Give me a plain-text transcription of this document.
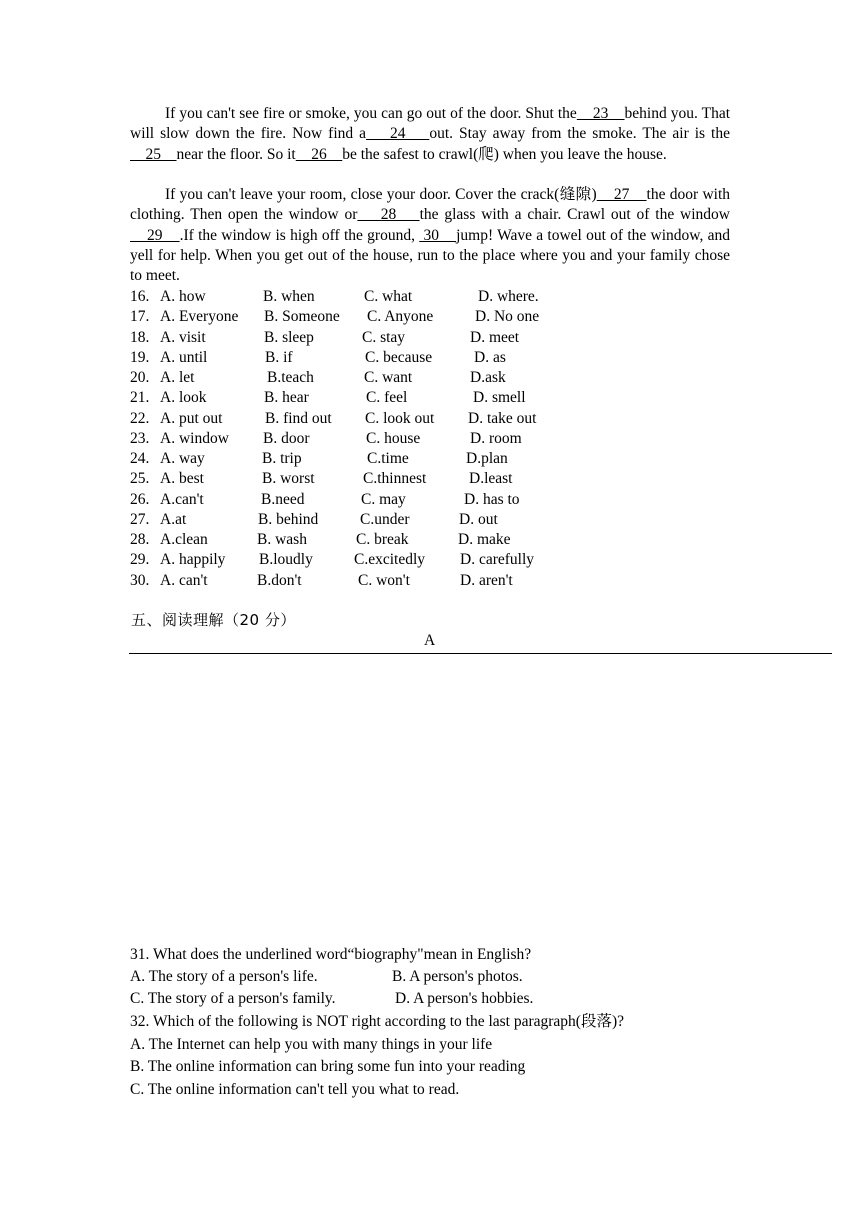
If you can't see fire or smoke, you can go out of the door. Shut the    23    behind you. That will slow down the fire. Now find a    24    out. Stay away from the smoke. The air is the    25    near the floor. So it    26    be the safest to crawl(爬) when you leave the house.

If you can't leave your room, close your door. Cover the crack(缝隙)    27    the door with clothing. Then open the window or    28    the glass with a chair. Crawl out of the window    29    .If the window is high off the ground,  30    jump! Wave a towel out of the window, and yell for help. When you get out of the house, run to the place where you and your family chose to meet.

16. A. how	B. when	C. what	D. where.
17. A. Everyone B. Someone C. Anyone	D. No one
18. A. visit	B. sleep	C. stay	D. meet
19. A. until	B. if	C. because	D. as
20. A. let	B.teach	C. want	D.ask
21. A. look	B. hear	C. feel	D. smell
22. A. put out	B. find out C. look out D. take out
23. A. window B. door	C. house	D. room
24. A. way	B. trip	C.time	D.plan
25. A. best	B. worst	C.thinnest	D.least
26. A.can't	B.need	C. may	D. has to
27. A.at	B. behind	C.under	D. out
28. A.clean	B. wash	C. break	D. make
29. A. happily B.loudly	C.excitedly D. carefully
30. A. can't	B.don't	C. won't	D. aren't
五、阅读理解（20 分）
A
31. What does the underlined word“biography"mean in English?
A. The story of a person's life.	B. A person's photos.
C. The story of a person's family.	D. A person's hobbies.
32. Which of the following is NOT right according to the last paragraph(段落)?
A. The Internet can help you with many things in your life
B. The online information can bring some fun into your reading
C. The online information can't tell you what to read.
